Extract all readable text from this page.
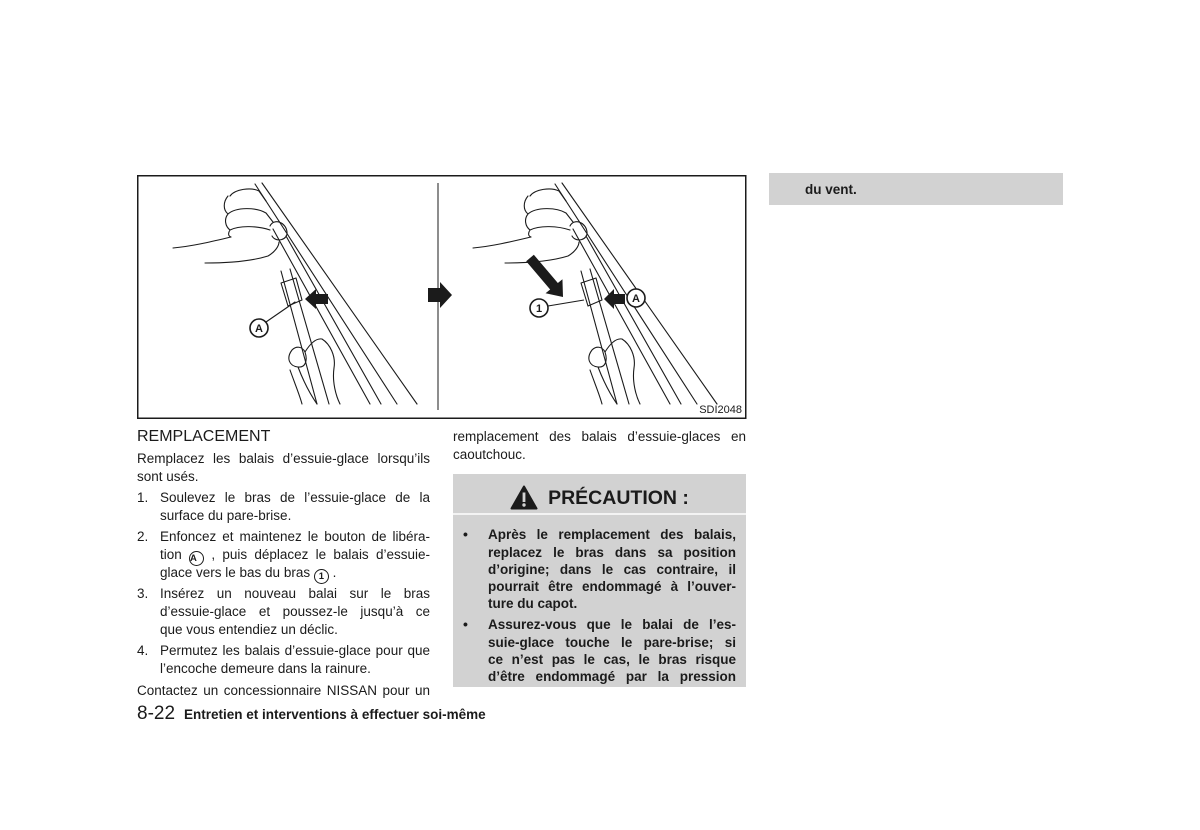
A
1
A
SDI2048
du vent.
REMPLACEMENT
Remplacez les balais d’essuie-glace lorsqu’ils
sont usés.
1. Soulevez le bras de l’essuie-glace de la
surface du pare-brise.
2. Enfoncez et maintenez le bouton de libéra-
tion A , puis déplacez le balais d’essuie-
glace vers le bas du bras 1 .
3. Insérez un nouveau balai sur le bras
d’essuie-glace et poussez-le jusqu’à ce
que vous entendiez un déclic.
4. Permutez les balais d’essuie-glace pour que
l’encoche demeure dans la rainure.
Contactez un concessionnaire NISSAN pour un
remplacement des balais d’essuie-glaces en
caoutchouc.
PRÉCAUTION :
•	Après le remplacement des balais,
replacez le bras dans sa position
d’origine; dans le cas contraire, il
pourrait être endommagé à l’ouver-
ture du capot.
•	Assurez-vous que le balai de l’es-
suie-glace touche le pare-brise; si
ce n’est pas le cas, le bras risque
d’être endommagé par la pression
8-22 Entretien et interventions à effectuer soi-même
